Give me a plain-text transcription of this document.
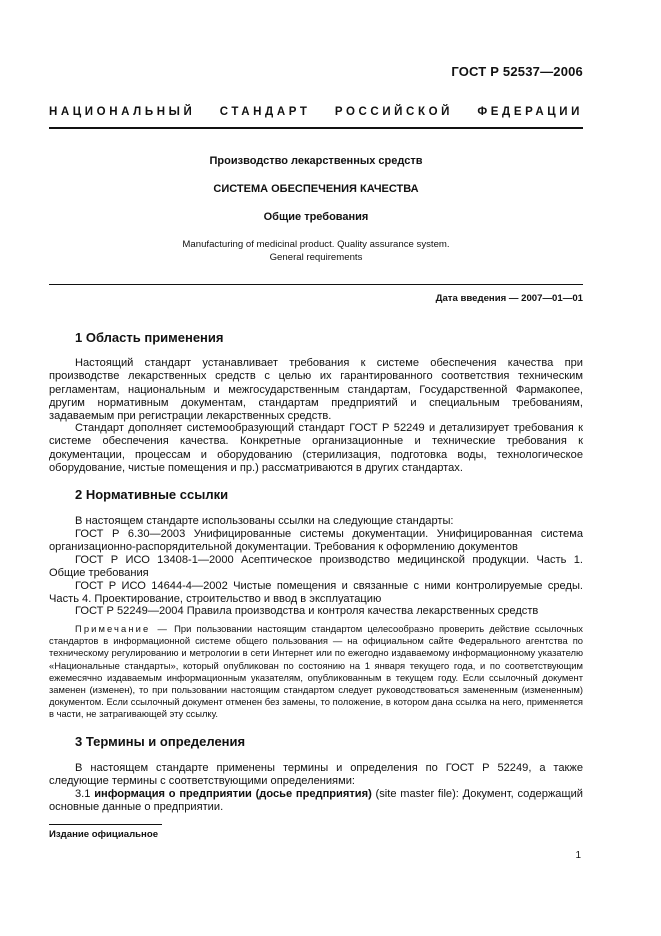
ГОСТ Р 52537—2006
НАЦИОНАЛЬНЫЙ СТАНДАРТ РОССИЙСКОЙ ФЕДЕРАЦИИ
Производство лекарственных средств
СИСТЕМА ОБЕСПЕЧЕНИЯ КАЧЕСТВА
Общие требования
Manufacturing of medicinal product. Quality assurance system.
General requirements
Дата введения — 2007—01—01
1 Область применения
Настоящий стандарт устанавливает требования к системе обеспечения качества при производстве лекарственных средств с целью их гарантированного соответствия техническим регламентам, национальным и межгосударственным стандартам, Государственной Фармакопее, другим нормативным документам, стандартам предприятий и специальным требованиям, задаваемым при регистрации лекарственных средств.
Стандарт дополняет системообразующий стандарт ГОСТ Р 52249 и детализирует требования к системе обеспечения качества. Конкретные организационные и технические требования к документации, процессам и оборудованию (стерилизация, подготовка воды, технологическое оборудование, чистые помещения и пр.) рассматриваются в других стандартах.
2 Нормативные ссылки
В настоящем стандарте использованы ссылки на следующие стандарты:
ГОСТ Р 6.30—2003 Унифицированные системы документации. Унифицированная система организационно-распорядительной документации. Требования к оформлению документов
ГОСТ Р ИСО 13408-1—2000 Асептическое производство медицинской продукции. Часть 1. Общие требования
ГОСТ Р ИСО 14644-4—2002 Чистые помещения и связанные с ними контролируемые среды. Часть 4. Проектирование, строительство и ввод в эксплуатацию
ГОСТ Р 52249—2004 Правила производства и контроля качества лекарственных средств
Примечание — При пользовании настоящим стандартом целесообразно проверить действие ссылочных стандартов в информационной системе общего пользования — на официальном сайте Федерального агентства по техническому регулированию и метрологии в сети Интернет или по ежегодно издаваемому информационному указателю «Национальные стандарты», который опубликован по состоянию на 1 января текущего года, и по соответствующим ежемесячно издаваемым информационным указателям, опубликованным в текущем году. Если ссылочный документ заменен (изменен), то при пользовании настоящим стандартом следует руководствоваться замененным (измененным) документом. Если ссылочный документ отменен без замены, то положение, в котором дана ссылка на него, применяется в части, не затрагивающей эту ссылку.
3 Термины и определения
В настоящем стандарте применены термины и определения по ГОСТ Р 52249, а также следующие термины с соответствующими определениями:
3.1 информация о предприятии (досье предприятия) (site master file): Документ, содержащий основные данные о предприятии.
Издание официальное
1
